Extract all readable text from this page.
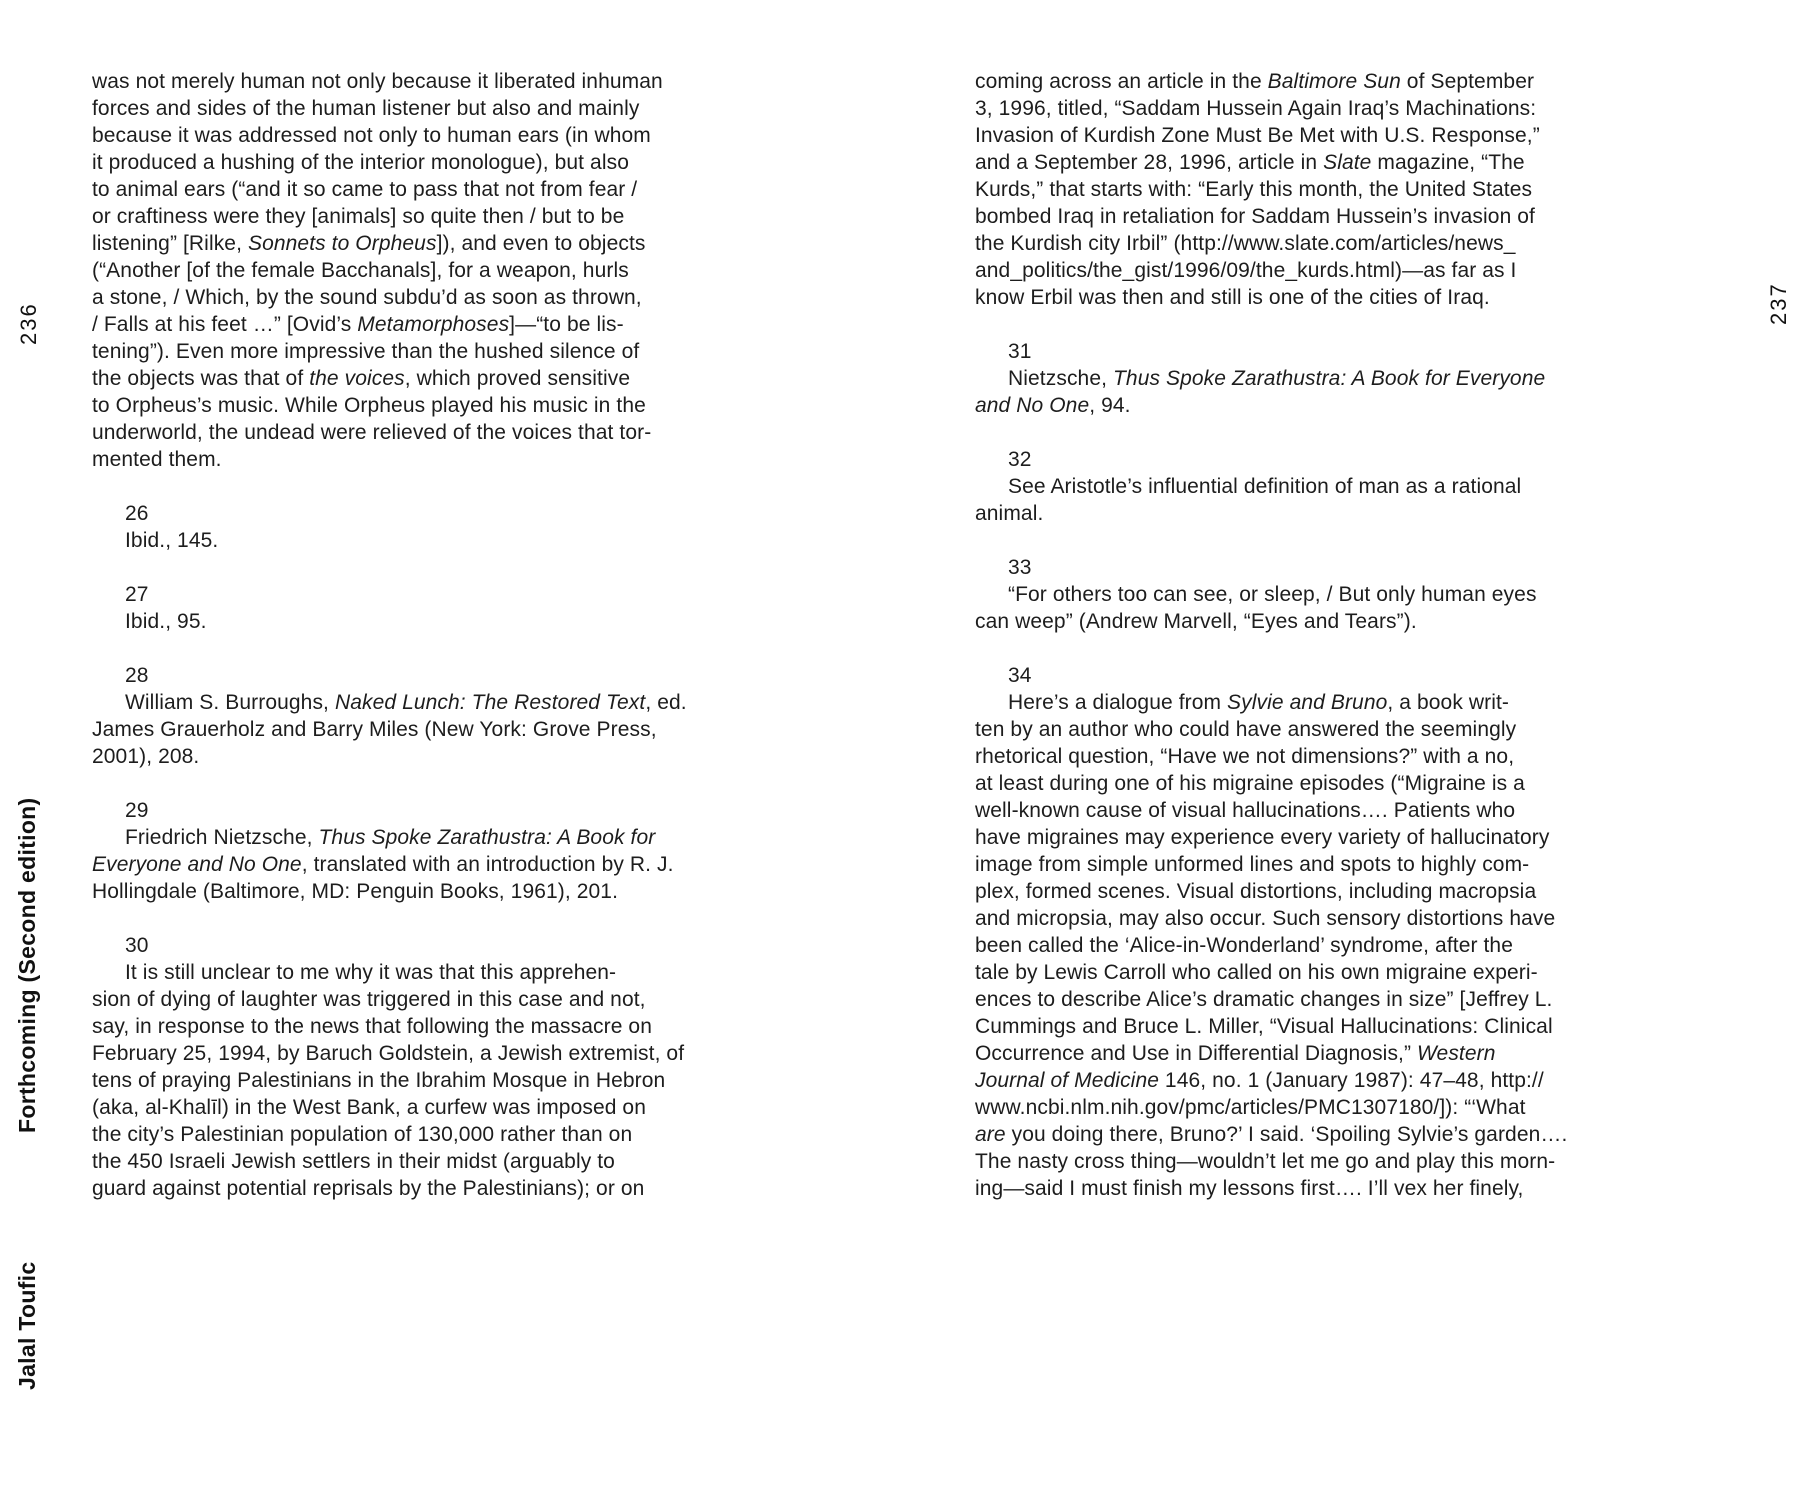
236
Forthcoming (Second edition)
Jalal Toufic
237
was not merely human not only because it liberated inhuman
forces and sides of the human listener but also and mainly
because it was addressed not only to human ears (in whom
it produced a hushing of the interior monologue), but also
to animal ears (“and it so came to pass that not from fear /
or craftiness were they [animals] so quite then / but to be
listening” [Rilke, Sonnets to Orpheus]), and even to objects
(“Another [of the female Bacchanals], for a weapon, hurls
a stone, / Which, by the sound subdu’d as soon as thrown,
/ Falls at his feet …” [Ovid’s Metamorphoses]—“to be lis-
tening”). Even more impressive than the hushed silence of
the objects was that of the voices, which proved sensitive
to Orpheus’s music. While Orpheus played his music in the
underworld, the undead were relieved of the voices that tor-
mented them.
26
Ibid., 145.
27
Ibid., 95.
28
William S. Burroughs, Naked Lunch: The Restored Text, ed.
James Grauerholz and Barry Miles (New York: Grove Press,
2001), 208.
29
Friedrich Nietzsche, Thus Spoke Zarathustra: A Book for
Everyone and No One, translated with an introduction by R. J.
Hollingdale (Baltimore, MD: Penguin Books, 1961), 201.
30
It is still unclear to me why it was that this apprehen-
sion of dying of laughter was triggered in this case and not,
say, in response to the news that following the massacre on
February 25, 1994, by Baruch Goldstein, a Jewish extremist, of
tens of praying Palestinians in the Ibrahim Mosque in Hebron
(aka, al-Khalīl) in the West Bank, a curfew was imposed on
the city’s Palestinian population of 130,000 rather than on
the 450 Israeli Jewish settlers in their midst (arguably to
guard against potential reprisals by the Palestinians); or on
coming across an article in the Baltimore Sun of September
3, 1996, titled, “Saddam Hussein Again Iraq’s Machinations:
Invasion of Kurdish Zone Must Be Met with U.S. Response,”
and a September 28, 1996, article in Slate magazine, “The
Kurds,” that starts with: “Early this month, the United States
bombed Iraq in retaliation for Saddam Hussein’s invasion of
the Kurdish city Irbil” (http://www.slate.com/articles/news_
and_politics/the_gist/1996/09/the_kurds.html)—as far as I
know Erbil was then and still is one of the cities of Iraq.
31
Nietzsche, Thus Spoke Zarathustra: A Book for Everyone
and No One, 94.
32
See Aristotle’s influential definition of man as a rational
animal.
33
“For others too can see, or sleep, / But only human eyes
can weep” (Andrew Marvell, “Eyes and Tears”).
34
Here’s a dialogue from Sylvie and Bruno, a book writ-
ten by an author who could have answered the seemingly
rhetorical question, “Have we not dimensions?” with a no,
at least during one of his migraine episodes (“Migraine is a
well-known cause of visual hallucinations…. Patients who
have migraines may experience every variety of hallucinatory
image from simple unformed lines and spots to highly com-
plex, formed scenes. Visual distortions, including macropsia
and micropsia, may also occur. Such sensory distortions have
been called the ‘Alice-in-Wonderland’ syndrome, after the
tale by Lewis Carroll who called on his own migraine experi-
ences to describe Alice’s dramatic changes in size” [Jeffrey L.
Cummings and Bruce L. Miller, “Visual Hallucinations: Clinical
Occurrence and Use in Differential Diagnosis,” Western
Journal of Medicine 146, no. 1 (January 1987): 47–48, http://
www.ncbi.nlm.nih.gov/pmc/articles/PMC1307180/]): “‘What
are you doing there, Bruno?’ I said. ‘Spoiling Sylvie’s garden….
The nasty cross thing—wouldn’t let me go and play this morn-
ing—said I must finish my lessons first…. I’ll vex her finely,
